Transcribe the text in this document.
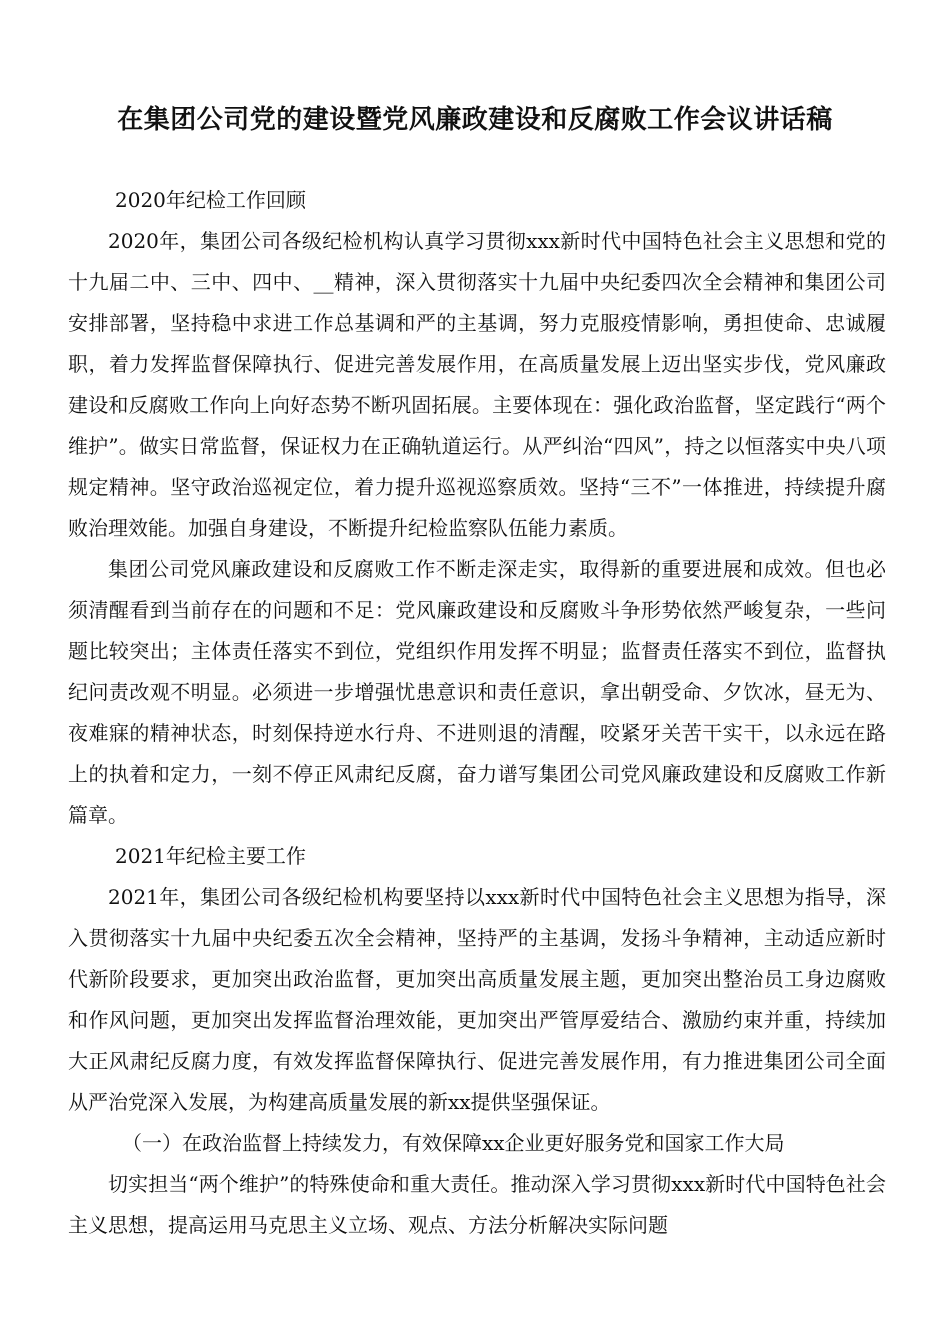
在集团公司党的建设暨党风廉政建设和反腐败工作会议讲话稿
2020年纪检工作回顾

2020年，集团公司各级纪检机构认真学习贯彻xxx新时代中国特色社会主义思想和党的十九届二中、三中、四中、__精神，深入贯彻落实十九届中央纪委四次全会精神和集团公司安排部署，坚持稳中求进工作总基调和严的主基调，努力克服疫情影响，勇担使命、忠诚履职，着力发挥监督保障执行、促进完善发展作用，在高质量发展上迈出坚实步伐，党风廉政建设和反腐败工作向上向好态势不断巩固拓展。主要体现在：强化政治监督，坚定践行“两个维护”。做实日常监督，保证权力在正确轨道运行。从严纠治“四风”，持之以恒落实中央八项规定精神。坚守政治巡视定位，着力提升巡视巡察质效。坚持“三不”一体推进，持续提升腐败治理效能。加强自身建设，不断提升纪检监察队伍能力素质。

集团公司党风廉政建设和反腐败工作不断走深走实，取得新的重要进展和成效。但也必须清醒看到当前存在的问题和不足：党风廉政建设和反腐败斗争形势依然严峻复杂，一些问题比较突出；主体责任落实不到位，党组织作用发挥不明显；监督责任落实不到位，监督执纪问责改观不明显。必须进一步增强忧患意识和责任意识，拿出朝受命、夕饮冰，昼无为、夜难寐的精神状态，时刻保持逆水行舟、不进则退的清醒，咬紧牙关苦干实干，以永远在路上的执着和定力，一刻不停正风肃纪反腐，奋力谱写集团公司党风廉政建设和反腐败工作新篇章。

2021年纪检主要工作

2021年，集团公司各级纪检机构要坚持以xxx新时代中国特色社会主义思想为指导，深入贯彻落实十九届中央纪委五次全会精神，坚持严的主基调，发扬斗争精神，主动适应新时代新阶段要求，更加突出政治监督，更加突出高质量发展主题，更加突出整治员工身边腐败和作风问题，更加突出发挥监督治理效能，更加突出严管厚爱结合、激励约束并重，持续加大正风肃纪反腐力度，有效发挥监督保障执行、促进完善发展作用，有力推进集团公司全面从严治党深入发展，为构建高质量发展的新xx提供坚强保证。

（一）在政治监督上持续发力，有效保障xx企业更好服务党和国家工作大局

切实担当“两个维护”的特殊使命和重大责任。推动深入学习贯彻xxx新时代中国特色社会主义思想，提高运用马克思主义立场、观点、方法分析解决实际问题
